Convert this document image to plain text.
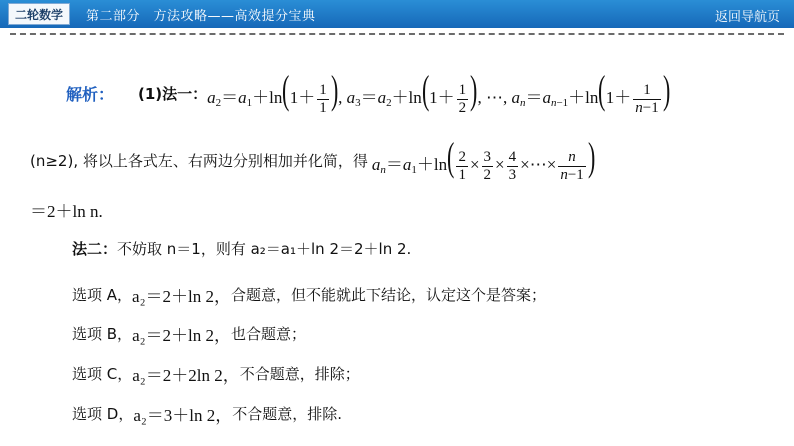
二轮数学	第二部分　方法攻略——高效提分宝典	返回导航页
解析： (1)法一： $a_2=a_1+\ln(1+ \frac{1}{1}$ ), $a_3=a_2+\ln(1+ \frac{1}{2}$ ), ⋯, $a_n=a_{n-1}+\ln(1+ \frac{1}{n-1}$ )
(n≥2), 将以上各式左、右两边分别相加并化简，得 $a_n=a_1+\ln( \frac{2}{1} \times \frac{3}{2} \times \frac{4}{3}$ ×⋯× $\frac{n}{n-1}$ )
＝2＋ln n.
法二： 不妨取 n＝1，则有 a₂＝a₁＋ln 2＝2＋ln 2.
选项 A， a₂＝2＋ln 2， 合题意，但不能就此下结论，认定这个是答案；
选项 B， a₂＝2＋ln 2， 也合题意；
选项 C， a₂＝2＋2ln 2， 不合题意，排除；
选项 D， a₂＝3＋ln 2， 不合题意，排除.
